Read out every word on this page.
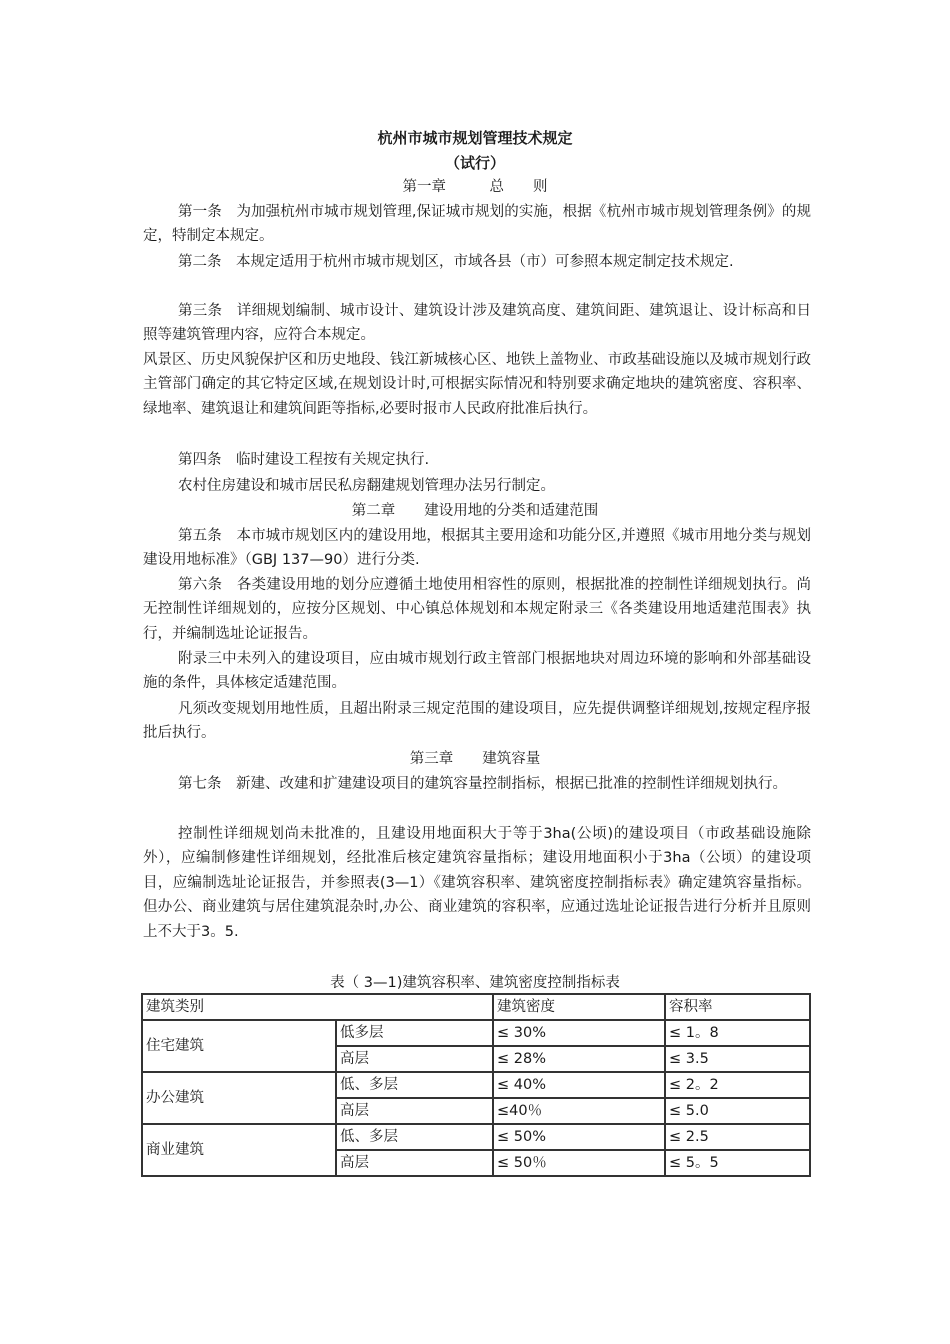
杭州市城市规划管理技术规定
（试行）
第一章　　　总　　则
第一条　为加强杭州市城市规划管理,保证城市规划的实施，根据《杭州市城市规划管理条例》的规定，特制定本规定。
第二条　本规定适用于杭州市城市规划区，市域各县（市）可参照本规定制定技术规定.
第三条　详细规划编制、城市设计、建筑设计涉及建筑高度、建筑间距、建筑退让、设计标高和日照等建筑管理内容，应符合本规定。
风景区、历史风貌保护区和历史地段、钱江新城核心区、地铁上盖物业、市政基础设施以及城市规划行政主管部门确定的其它特定区域,在规划设计时,可根据实际情况和特别要求确定地块的建筑密度、容积率、绿地率、建筑退让和建筑间距等指标,必要时报市人民政府批准后执行。
第四条　临时建设工程按有关规定执行.
农村住房建设和城市居民私房翻建规划管理办法另行制定。
第二章　　建设用地的分类和适建范围
第五条　本市城市规划区内的建设用地，根据其主要用途和功能分区,并遵照《城市用地分类与规划建设用地标准》（GBJ 137—90）进行分类.
第六条　各类建设用地的划分应遵循土地使用相容性的原则，根据批准的控制性详细规划执行。尚无控制性详细规划的，应按分区规划、中心镇总体规划和本规定附录三《各类建设用地适建范围表》执行，并编制选址论证报告。
附录三中未列入的建设项目，应由城市规划行政主管部门根据地块对周边环境的影响和外部基础设施的条件，具体核定适建范围。
凡须改变规划用地性质，且超出附录三规定范围的建设项目，应先提供调整详细规划,按规定程序报批后执行。
第三章　　建筑容量
第七条　新建、改建和扩建建设项目的建筑容量控制指标，根据已批准的控制性详细规划执行。
控制性详细规划尚未批准的，且建设用地面积大于等于3ha(公顷)的建设项目（市政基础设施除外），应编制修建性详细规划，经批准后核定建筑容量指标；建设用地面积小于3ha（公顷）的建设项目，应编制选址论证报告，并参照表(3—1）《建筑容积率、建筑密度控制指标表》确定建筑容量指标。但办公、商业建筑与居住建筑混杂时,办公、商业建筑的容积率，应通过选址论证报告进行分析并且原则上不大于3。5.
表（ 3—1)建筑容积率、建筑密度控制指标表
建筑类别		建筑密度	容积率
住宅建筑	低多层	≤ 30%	≤ 1。8
	高层	≤ 28%	≤ 3.5
办公建筑	低、多层	≤ 40%	≤ 2。2
	高层	≤40％	≤ 5.0
商业建筑	低、多层	≤ 50%	≤ 2.5
	高层	≤ 50％	≤ 5。5
